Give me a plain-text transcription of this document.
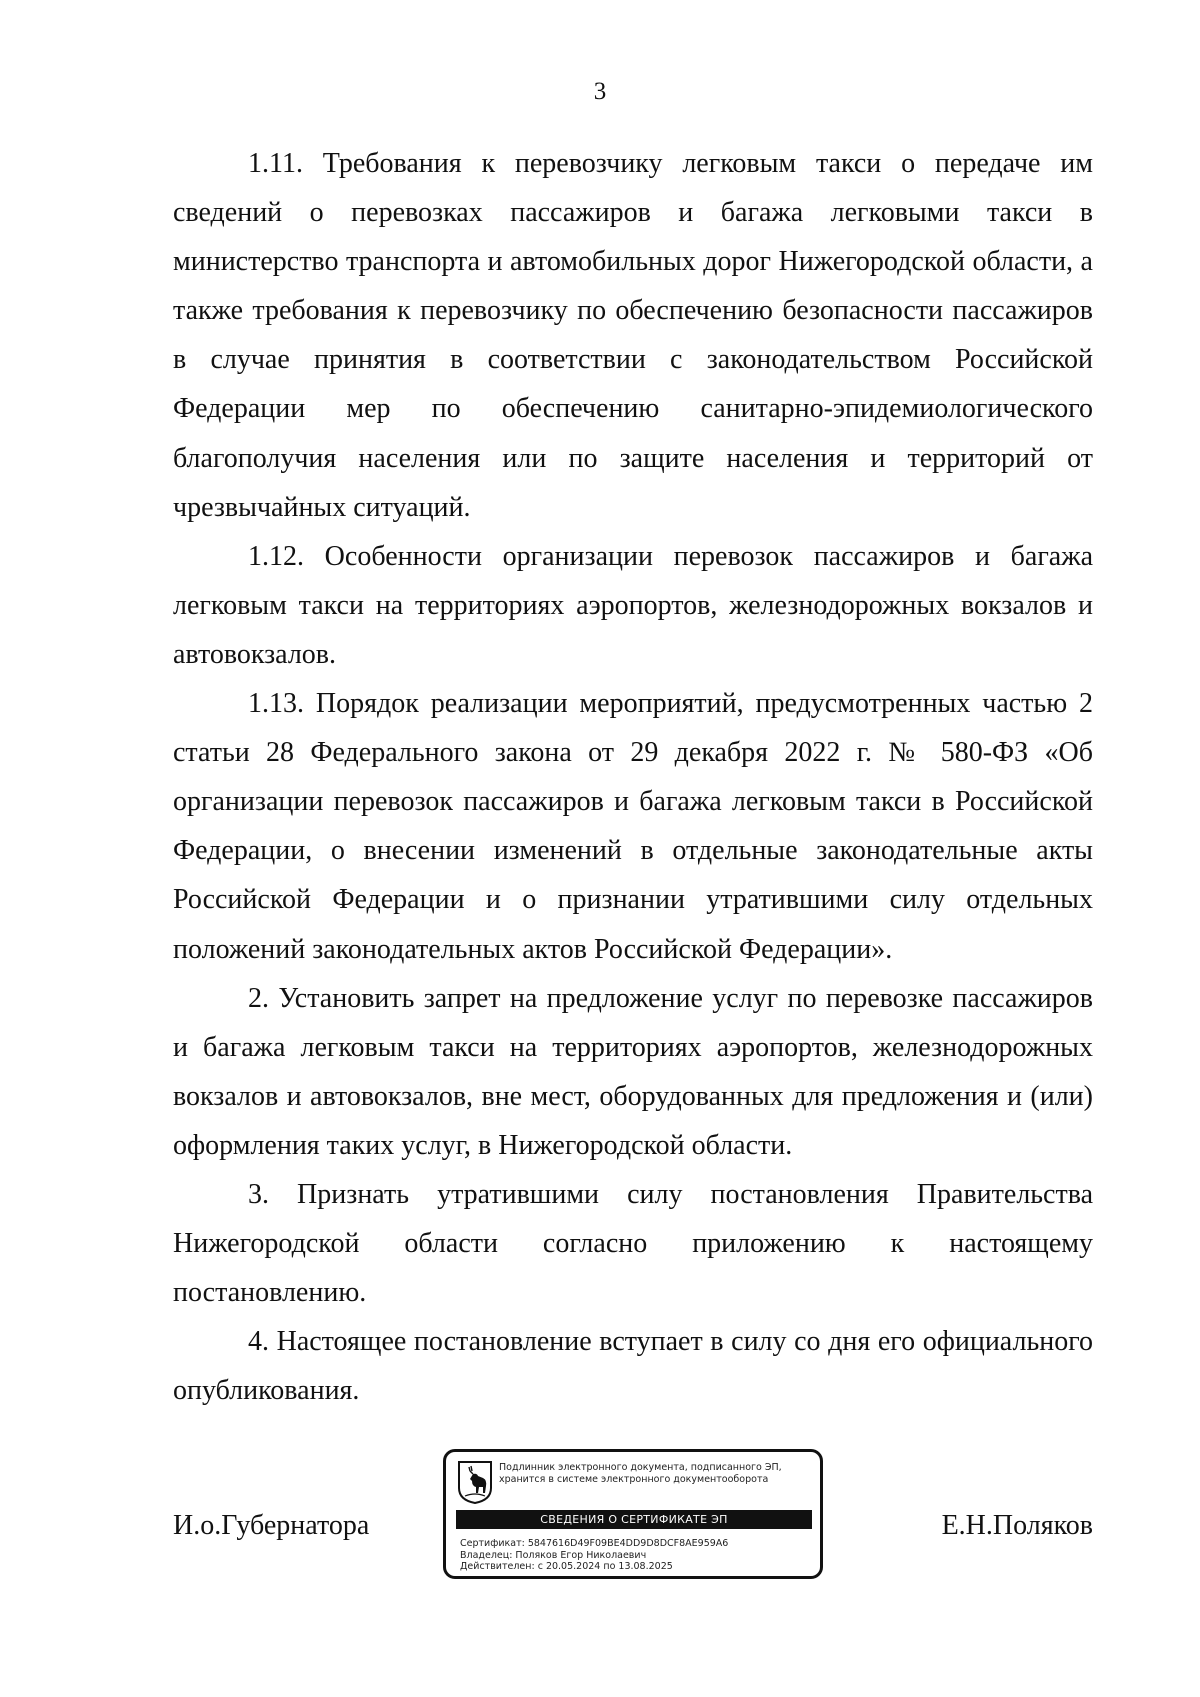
3

1.11. Требования к перевозчику легковым такси о передаче им сведений о перевозках пассажиров и багажа легковыми такси в министерство транспорта и автомобильных дорог Нижегородской области, а также требования к перевозчику по обеспечению безопасности пассажиров в случае принятия в соответствии с законодательством Российской Федерации мер по обеспечению санитарно-эпидемиологического благополучия населения или по защите населения и территорий от чрезвычайных ситуаций.

1.12. Особенности организации перевозок пассажиров и багажа легковым такси на территориях аэропортов, железнодорожных вокзалов и автовокзалов.

1.13. Порядок реализации мероприятий, предусмотренных частью 2 статьи 28 Федерального закона от 29 декабря 2022 г. № 580-ФЗ «Об организации перевозок пассажиров и багажа легковым такси в Российской Федерации, о внесении изменений в отдельные законодательные акты Российской Федерации и о признании утратившими силу отдельных положений законодательных актов Российской Федерации».

2. Установить запрет на предложение услуг по перевозке пассажиров и багажа легковым такси на территориях аэропортов, железнодорожных вокзалов и автовокзалов, вне мест, оборудованных для предложения и (или) оформления таких услуг, в Нижегородской области.

3. Признать утратившими силу постановления Правительства Нижегородской области согласно приложению к настоящему постановлению.

4. Настоящее постановление вступает в силу со дня его официального опубликования.

И.о.Губернатора	Е.Н.Поляков
Подлинник электронного документа, подписанного ЭП,
хранится в системе электронного документооборота
СВЕДЕНИЯ О СЕРТИФИКАТЕ ЭП
Сертификат: 5847616D49F09BE4DD9D8DCF8AE959A6
Владелец: Поляков Егор Николаевич
Действителен: с 20.05.2024 по 13.08.2025
